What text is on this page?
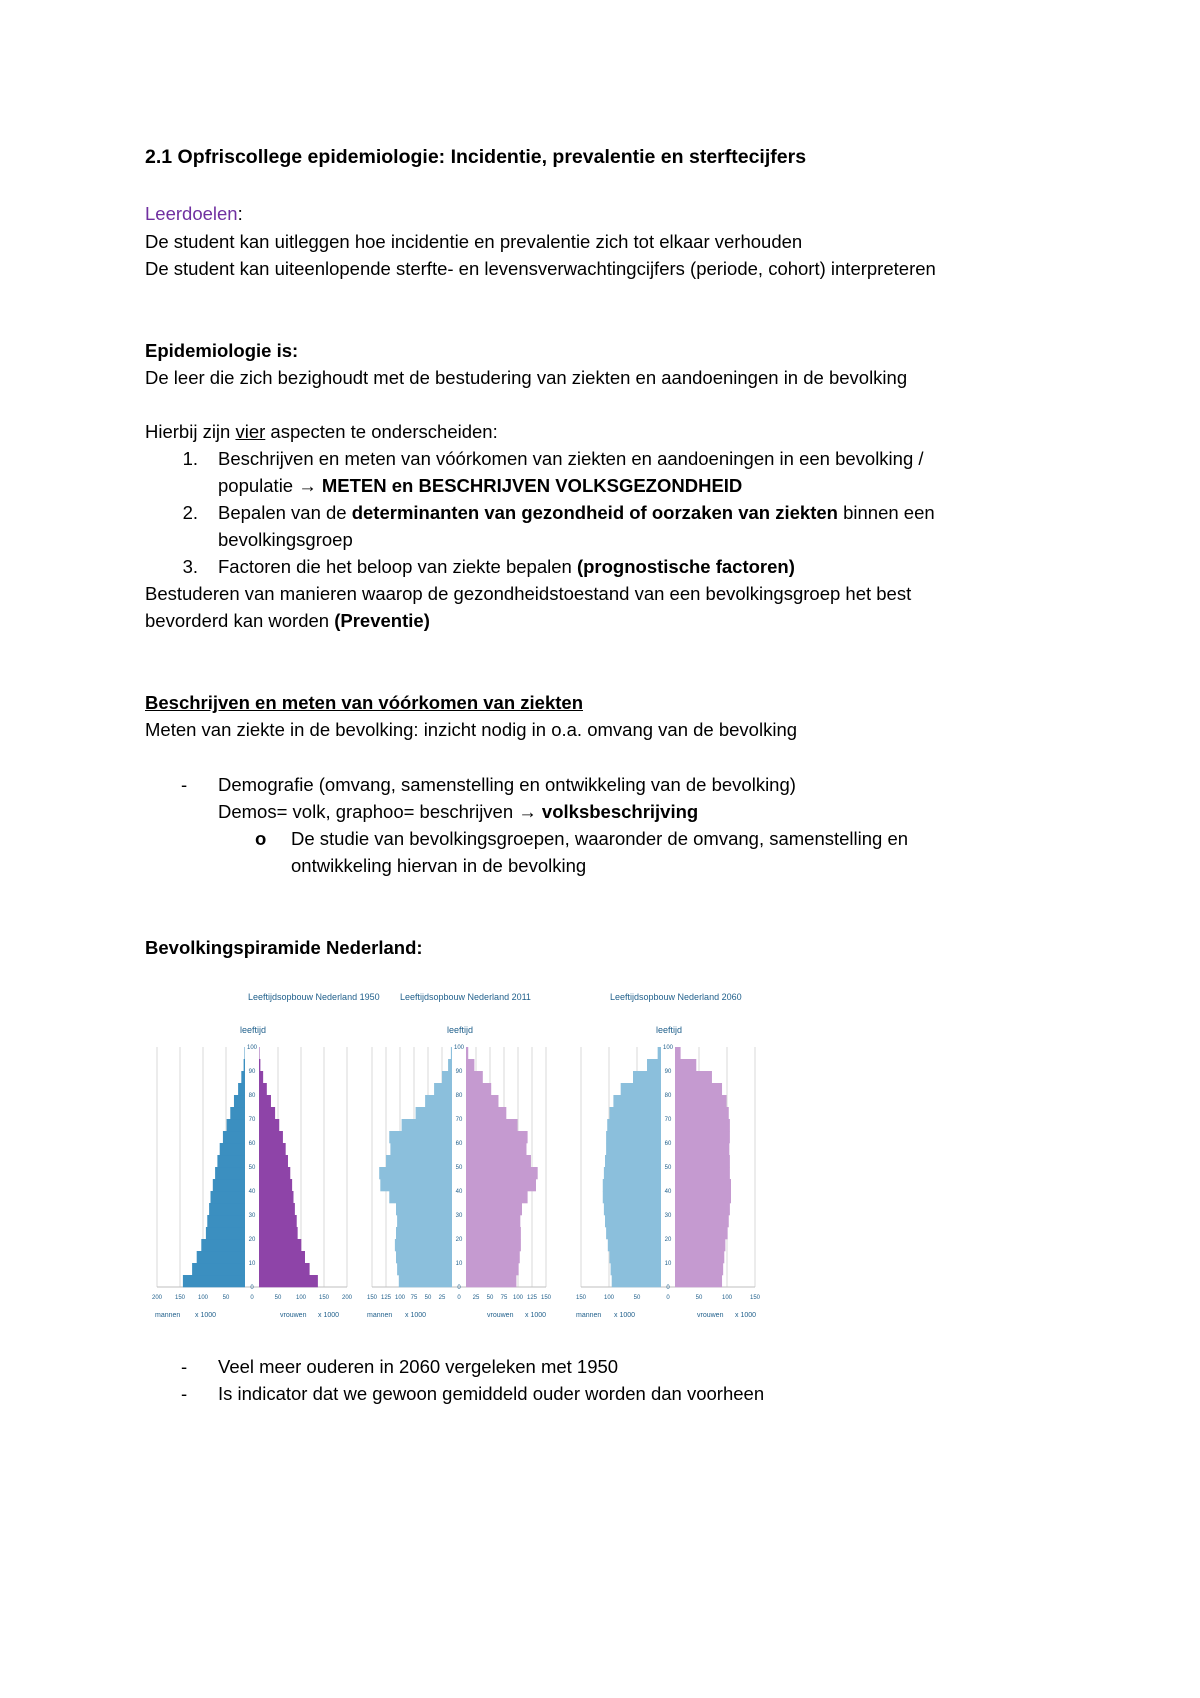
2.1 Opfriscollege epidemiologie: Incidentie, prevalentie en sterftecijfers
Leerdoelen:
De student kan uitleggen hoe incidentie en prevalentie zich tot elkaar verhouden
De student kan uiteenlopende sterfte- en levensverwachtingcijfers (periode, cohort) interpreteren
Epidemiologie is:
De leer die zich bezighoudt met de bestudering van ziekten en aandoeningen in de bevolking
Hierbij zijn vier aspecten te onderscheiden:
1. Beschrijven en meten van vóórkomen van ziekten en aandoeningen in een bevolking /
populatie → METEN en BESCHRIJVEN VOLKSGEZONDHEID
2. Bepalen van de determinanten van gezondheid of oorzaken van ziekten binnen een
bevolkingsgroep
3. Factoren die het beloop van ziekte bepalen (prognostische factoren)
Bestuderen van manieren waarop de gezondheidstoestand van een bevolkingsgroep het best
bevorderd kan worden (Preventie)
Beschrijven en meten van vóórkomen van ziekten
Meten van ziekte in de bevolking: inzicht nodig in o.a. omvang van de bevolking
- Demografie (omvang, samenstelling en ontwikkeling van de bevolking)
Demos= volk, graphoo= beschrijven → volksbeschrijving
o De studie van bevolkingsgroepen, waaronder de omvang, samenstelling en
ontwikkeling hiervan in de bevolking
Bevolkingspiramide Nederland:
Leeftijdsopbouw Nederland 1950
leeftijd
mannen x 1000	vrouwen x 1000
200 150 100 50	0	50 100 150 200
0
10
20
30
40
50
60
70
80
90
100
Leeftijdsopbouw Nederland 2011
leeftijd
mannen x 1000	vrouwen x 1000
150 125 100 75 50 25 0 25 50 75 100 125 150
0
10
20
30
40
50
60
70
80
90
100
Leeftijdsopbouw Nederland 2060
leeftijd
mannen x 1000	vrouwen x 1000
150	100	50	0	50	100	150
0
10
20
30
40
50
60
70
80
90
100
- Veel meer ouderen in 2060 vergeleken met 1950
- Is indicator dat we gewoon gemiddeld ouder worden dan voorheen
